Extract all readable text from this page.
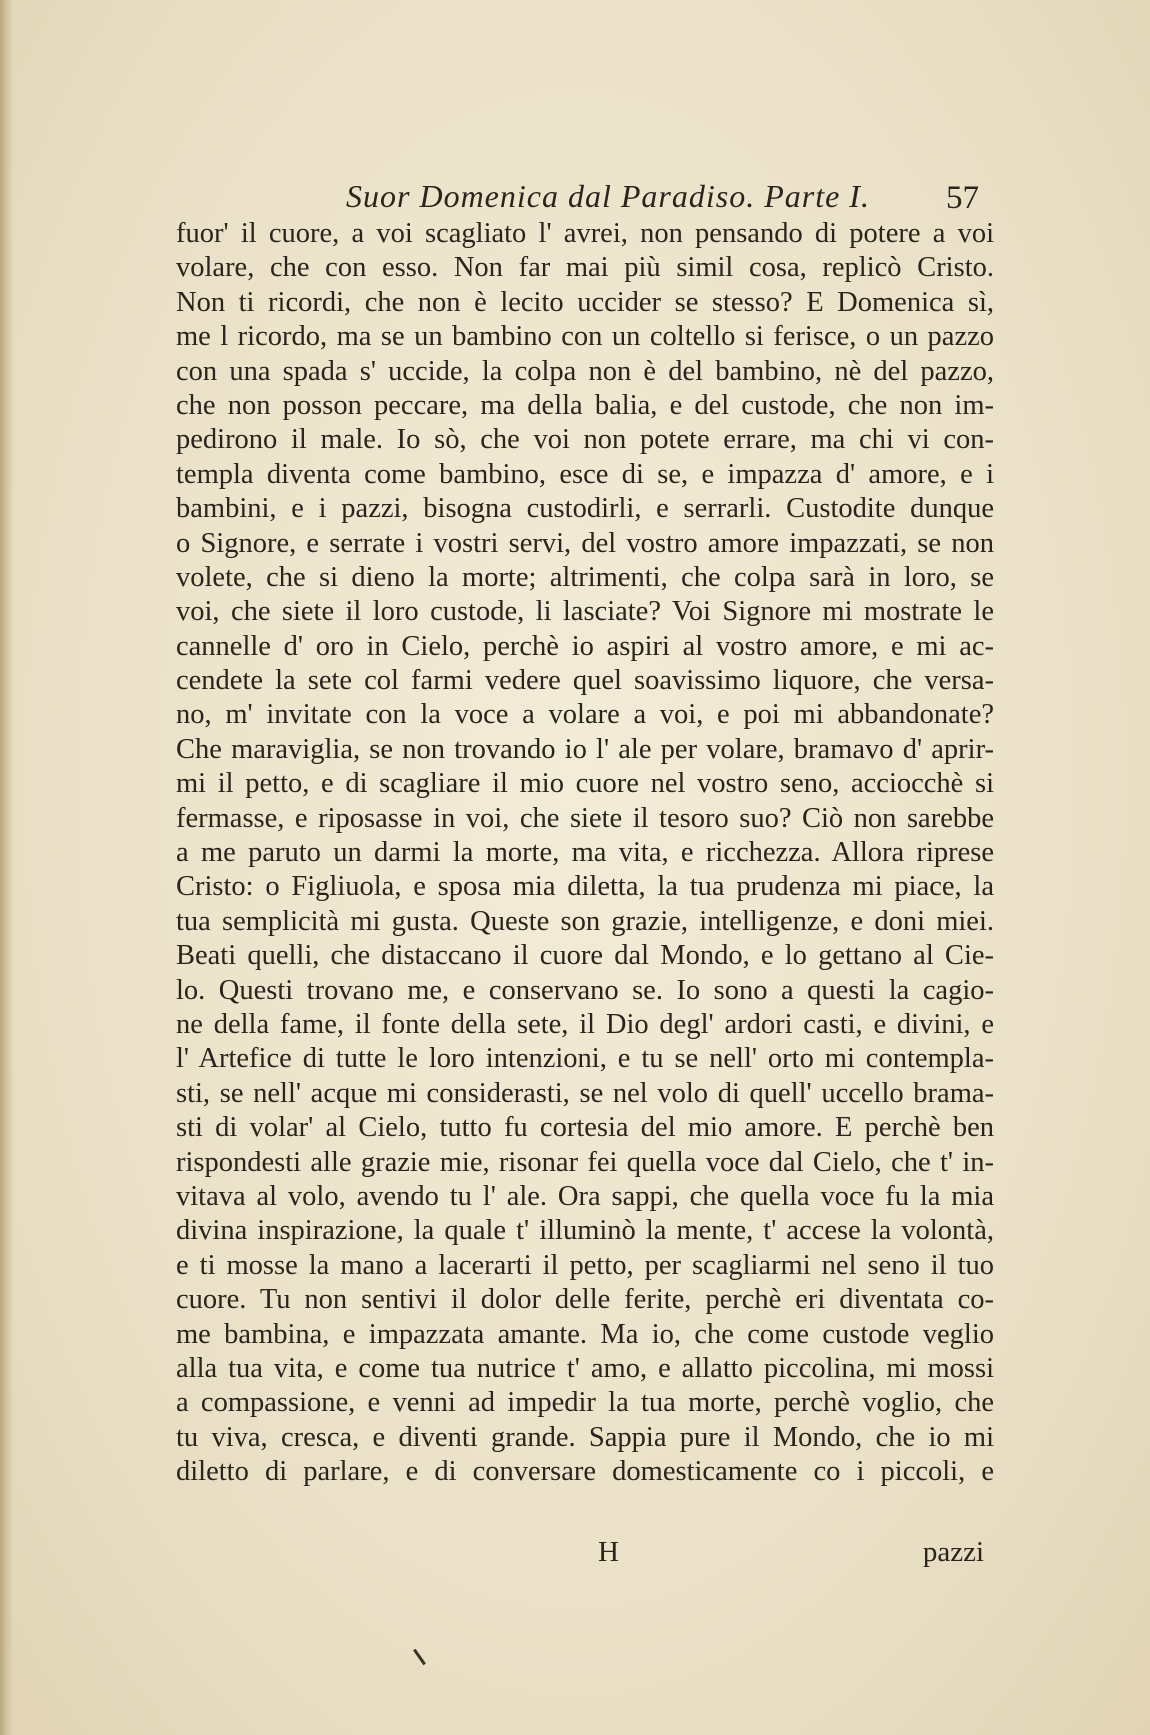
Suor Domenica dal Paradiso. Parte I. 57
fuor' il cuore, a voi scagliato l' avrei, non pensando di potere a voi
volare, che con esso. Non far mai più simil cosa, replicò Cristo.
Non ti ricordi, che non è lecito uccider se stesso? E Domenica sì,
me l ricordo, ma se un bambino con un coltello si ferisce, o un pazzo
con una spada s' uccide, la colpa non è del bambino, nè del pazzo,
che non posson peccare, ma della balia, e del custode, che non im-
pedirono il male. Io sò, che voi non potete errare, ma chi vi con-
templa diventa come bambino, esce di se, e impazza d' amore, e i
bambini, e i pazzi, bisogna custodirli, e serrarli. Custodite dunque
o Signore, e serrate i vostri servi, del vostro amore impazzati, se non
volete, che si dieno la morte; altrimenti, che colpa sarà in loro, se
voi, che siete il loro custode, li lasciate? Voi Signore mi mostrate le
cannelle d' oro in Cielo, perchè io aspiri al vostro amore, e mi ac-
cendete la sete col farmi vedere quel soavissimo liquore, che versa-
no, m' invitate con la voce a volare a voi, e poi mi abbandonate?
Che maraviglia, se non trovando io l' ale per volare, bramavo d' aprir-
mi il petto, e di scagliare il mio cuore nel vostro seno, acciocchè si
fermasse, e riposasse in voi, che siete il tesoro suo? Ciò non sarebbe
a me paruto un darmi la morte, ma vita, e ricchezza. Allora riprese
Cristo: o Figliuola, e sposa mia diletta, la tua prudenza mi piace, la
tua semplicità mi gusta. Queste son grazie, intelligenze, e doni miei.
Beati quelli, che distaccano il cuore dal Mondo, e lo gettano al Cie-
lo. Questi trovano me, e conservano se. Io sono a questi la cagio-
ne della fame, il fonte della sete, il Dio degl' ardori casti, e divini, e
l' Artefice di tutte le loro intenzioni, e tu se nell' orto mi contempla-
sti, se nell' acque mi considerasti, se nel volo di quell' uccello brama-
sti di volar' al Cielo, tutto fu cortesia del mio amore. E perchè ben
rispondesti alle grazie mie, risonar fei quella voce dal Cielo, che t' in-
vitava al volo, avendo tu l' ale. Ora sappi, che quella voce fu la mia
divina inspirazione, la quale t' illuminò la mente, t' accese la volontà,
e ti mosse la mano a lacerarti il petto, per scagliarmi nel seno il tuo
cuore. Tu non sentivi il dolor delle ferite, perchè eri diventata co-
me bambina, e impazzata amante. Ma io, che come custode veglio
alla tua vita, e come tua nutrice t' amo, e allatto piccolina, mi mossi
a compassione, e venni ad impedir la tua morte, perchè voglio, che
tu viva, cresca, e diventi grande. Sappia pure il Mondo, che io mi
diletto di parlare, e di conversare domesticamente co i piccoli, e
H	pazzi
